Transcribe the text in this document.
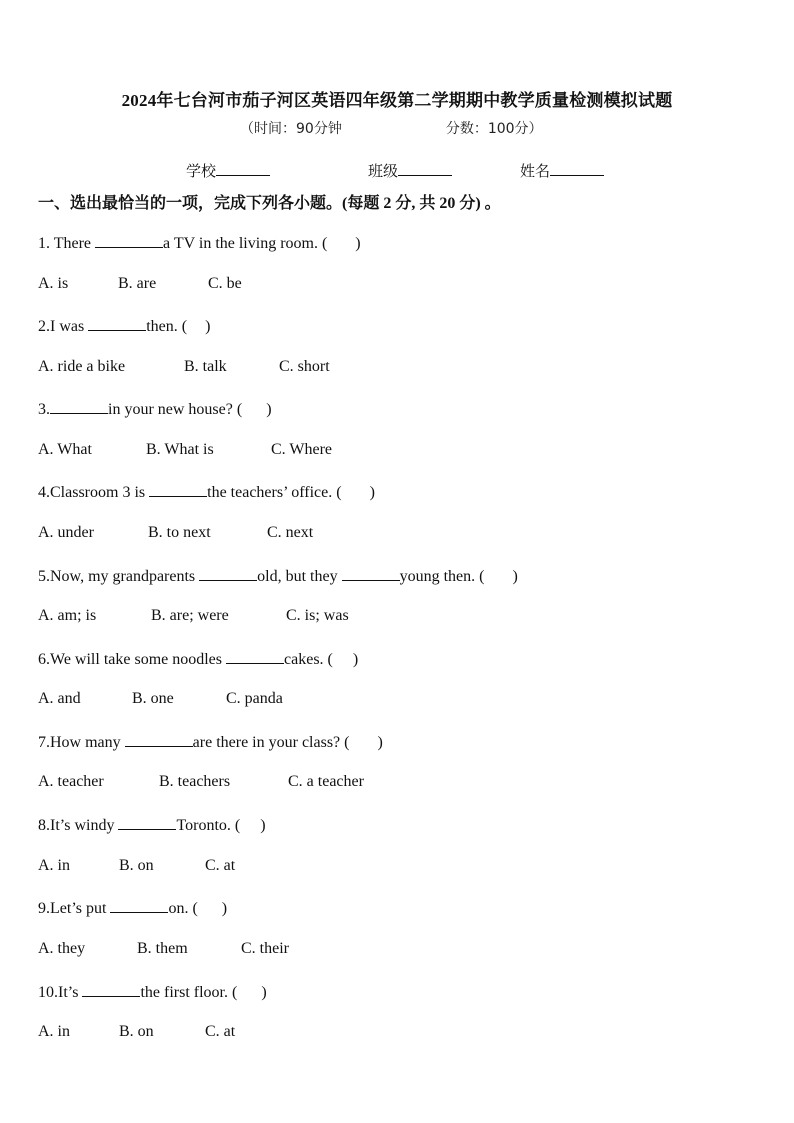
2024年七台河市茄子河区英语四年级第二学期期中教学质量检测模拟试题
（时间：90分钟	分数：100分）
学校	班级	姓名
一、选出最恰当的一项，完成下列各小题。(每题 2 分, 共 20 分) 。
1. There	a TV in the living room. ( )
A. is	B. are	C. be
2.I was	then. ( )
A. ride a bike	B. talk	C. short
3.	in your new house? ( )
A. What	B. What is	C. Where
4.Classroom 3 is	the teachers’ office. ( )
A. under	B. to next	C. next
5.Now, my grandparents	old, but they	young then. ( )
A. am; is	B. are; were	C. is; was
6.We will take some noodles	cakes. ( )
A. and	B. one	C. panda
7.How many	are there in your class? ( )
A. teacher	B. teachers	C. a teacher
8.It’s windy	Toronto. ( )
A. in	B. on	C. at
9.Let’s put	on. ( )
A. they	B. them	C. their
10.It’s	the first floor. ( )
A. in	B. on	C. at
